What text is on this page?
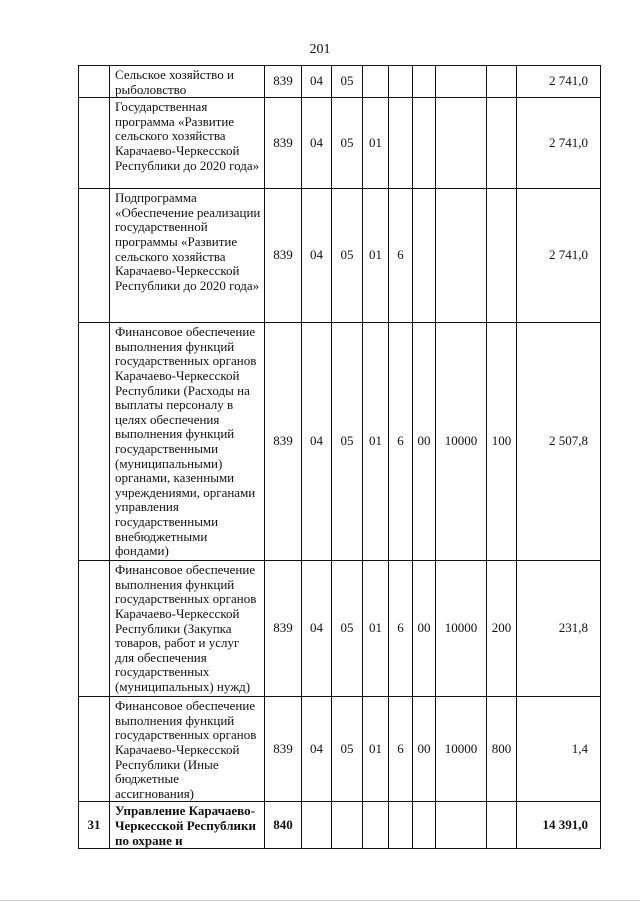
201
	Сельское хозяйство и рыболовство	839	04	05						2 741,0
	Государственная программа «Развитие сельского хозяйства Карачаево-Черкесской Республики до 2020 года»	839	04	05	01					2 741,0
	Подпрограмма «Обеспечение реализации государственной программы «Развитие сельского хозяйства Карачаево-Черкесской Республики до 2020 года»	839	04	05	01	6				2 741,0
	Финансовое обеспечение выполнения функций государственных органов Карачаево-Черкесской Республики (Расходы на выплаты персоналу в целях обеспечения выполнения функций государственными (муниципальными) органами, казенными учреждениями, органами управления государственными внебюджетными фондами)	839	04	05	01	6	00	10000	100	2 507,8
	Финансовое обеспечение выполнения функций государственных органов Карачаево-Черкесской Республики (Закупка товаров, работ и услуг для обеспечения государственных (муниципальных) нужд)	839	04	05	01	6	00	10000	200	231,8
	Финансовое обеспечение выполнения функций государственных органов Карачаево-Черкесской Республики (Иные бюджетные ассигнования)	839	04	05	01	6	00	10000	800	1,4
31	Управление Карачаево-Черкесской Республики по охране и	840								14 391,0
